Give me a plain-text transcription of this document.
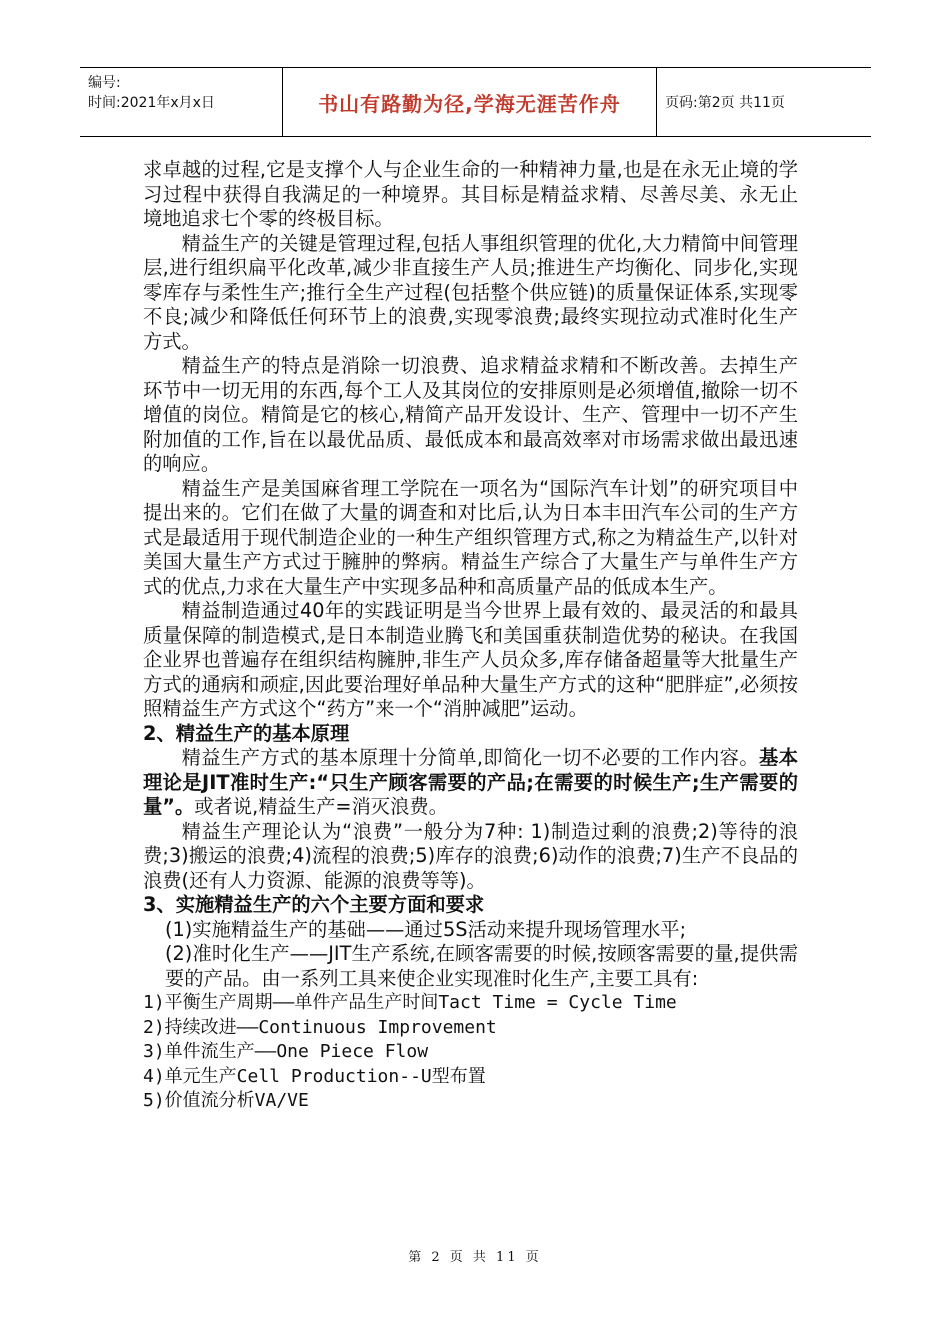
编号:
时间:2021年x月x日	书山有路勤为径,学海无涯苦作舟	页码:第2页 共11页

求卓越的过程,它是支撑个人与企业生命的一种精神力量,也是在永无止境的学习过程中获得自我满足的一种境界。其目标是精益求精、尽善尽美、永无止境地追求七个零的终极目标。

精益生产的关键是管理过程,包括人事组织管理的优化,大力精简中间管理层,进行组织扁平化改革,减少非直接生产人员;推进生产均衡化、同步化,实现零库存与柔性生产;推行全生产过程(包括整个供应链)的质量保证体系,实现零不良;减少和降低任何环节上的浪费,实现零浪费;最终实现拉动式准时化生产方式。

精益生产的特点是消除一切浪费、追求精益求精和不断改善。去掉生产环节中一切无用的东西,每个工人及其岗位的安排原则是必须增值,撤除一切不增值的岗位。精简是它的核心,精简产品开发设计、生产、管理中一切不产生附加值的工作,旨在以最优品质、最低成本和最高效率对市场需求做出最迅速的响应。

精益生产是美国麻省理工学院在一项名为“国际汽车计划”的研究项目中提出来的。它们在做了大量的调查和对比后,认为日本丰田汽车公司的生产方式是最适用于现代制造企业的一种生产组织管理方式,称之为精益生产,以针对美国大量生产方式过于臃肿的弊病。精益生产综合了大量生产与单件生产方式的优点,力求在大量生产中实现多品种和高质量产品的低成本生产。

精益制造通过40年的实践证明是当今世界上最有效的、最灵活的和最具质量保障的制造模式,是日本制造业腾飞和美国重获制造优势的秘诀。在我国企业界也普遍存在组织结构臃肿,非生产人员众多,库存储备超量等大批量生产方式的通病和顽症,因此要治理好单品种大量生产方式的这种“肥胖症”,必须按照精益生产方式这个“药方”来一个“消肿减肥”运动。

2、精益生产的基本原理

精益生产方式的基本原理十分简单,即简化一切不必要的工作内容。基本理论是JIT准时生产:“只生产顾客需要的产品;在需要的时候生产;生产需要的量”。或者说,精益生产=消灭浪费。

精益生产理论认为“浪费”一般分为7种: 1)制造过剩的浪费;2)等待的浪费;3)搬运的浪费;4)流程的浪费;5)库存的浪费;6)动作的浪费;7)生产不良品的浪费(还有人力资源、能源的浪费等等)。

3、实施精益生产的六个主要方面和要求

(1)实施精益生产的基础——通过5S活动来提升现场管理水平;

(2)准时化生产——JIT生产系统,在顾客需要的时候,按顾客需要的量,提供需要的产品。由一系列工具来使企业实现准时化生产,主要工具有:

1)平衡生产周期——单件产品生产时间Tact Time = Cycle Time

2)持续改进——Continuous Improvement

3)单件流生产——One Piece Flow

4)单元生产Cell Production--U型布置

5)价值流分析VA/VE

第 2 页 共 11 页
